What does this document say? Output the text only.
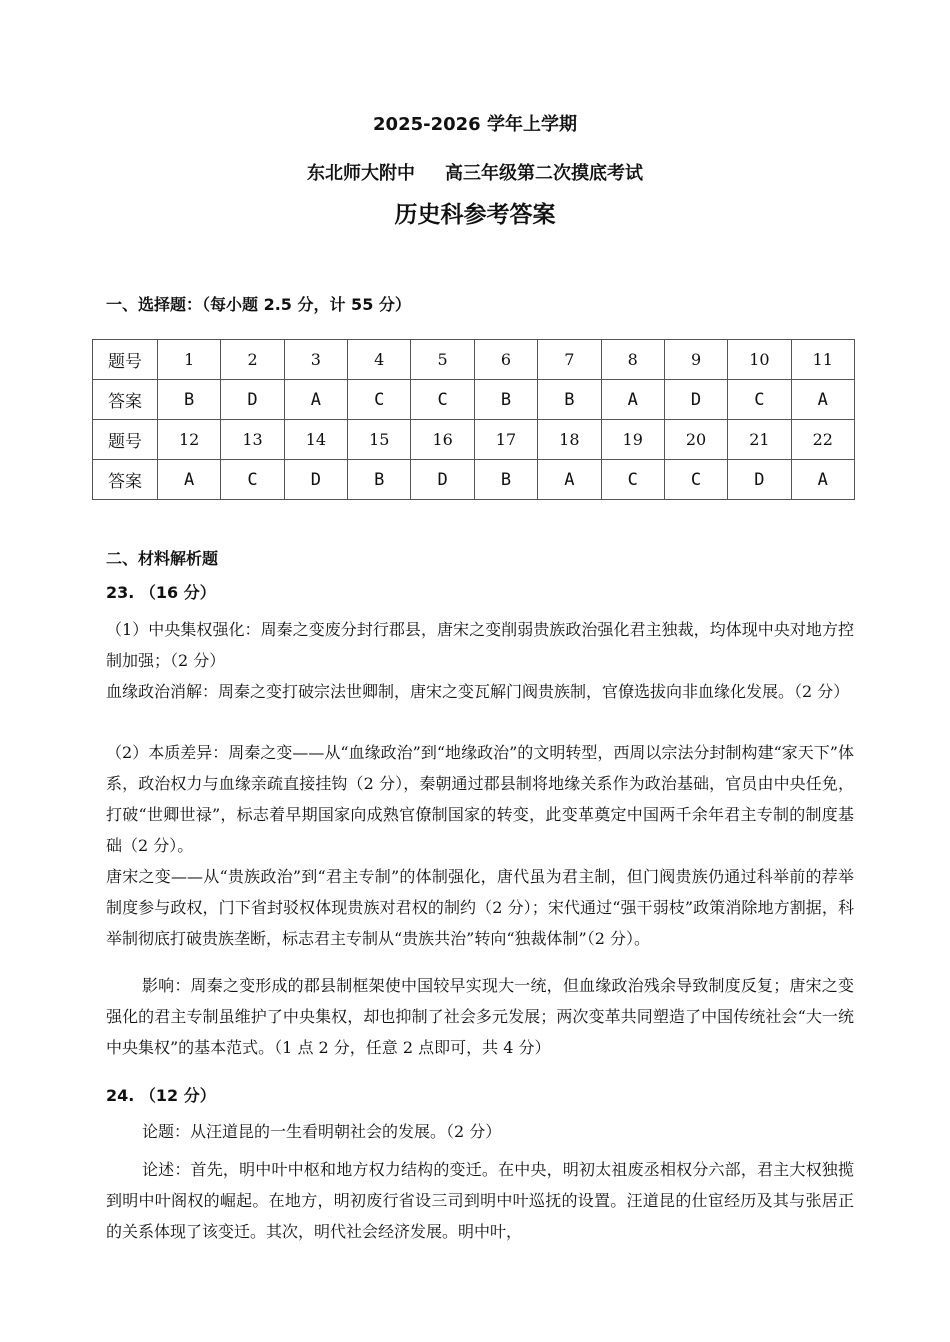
2025-2026 学年上学期
东北师大附中 高三年级第二次摸底考试
历史科参考答案
一、选择题：（每小题 2.5 分，计 55 分）
题号	1	2	3	4	5	6	7	8	9	10	11
答案	B	D	A	C	C	B	B	A	D	C	A
题号	12	13	14	15	16	17	18	19	20	21	22
答案	A	C	D	B	D	B	A	C	C	D	A
二、材料解析题
23. （16 分）
（1）中央集权强化：周秦之变废分封行郡县，唐宋之变削弱贵族政治强化君主独裁，均体现中央对地方控制加强；（2 分）
血缘政治消解：周秦之变打破宗法世卿制，唐宋之变瓦解门阀贵族制，官僚选拔向非血缘化发展。（2 分）
（2）本质差异：周秦之变——从“血缘政治”到“地缘政治”的文明转型，西周以宗法分封制构建“家天下”体系，政治权力与血缘亲疏直接挂钩（2 分），秦朝通过郡县制将地缘关系作为政治基础，官员由中央任免，打破“世卿世禄”，标志着早期国家向成熟官僚制国家的转变，此变革奠定中国两千余年君主专制的制度基础（2 分）。
唐宋之变——从“贵族政治”到“君主专制”的体制强化，唐代虽为君主制，但门阀贵族仍通过科举前的荐举制度参与政权，门下省封驳权体现贵族对君权的制约（2 分）；宋代通过“强干弱枝”政策消除地方割据，科举制彻底打破贵族垄断，标志君主专制从“贵族共治”转向“独裁体制”（2 分）。
影响：周秦之变形成的郡县制框架使中国较早实现大一统，但血缘政治残余导致制度反复；唐宋之变强化的君主专制虽维护了中央集权，却也抑制了社会多元发展；两次变革共同塑造了中国传统社会“大一统中央集权”的基本范式。（1 点 2 分，任意 2 点即可，共 4 分）
24. （12 分）
论题：从汪道昆的一生看明朝社会的发展。（2 分）
论述：首先，明中叶中枢和地方权力结构的变迁。在中央，明初太祖废丞相权分六部，君主大权独揽到明中叶阁权的崛起。在地方，明初废行省设三司到明中叶巡抚的设置。汪道昆的仕宦经历及其与张居正的关系体现了该变迁。其次，明代社会经济发展。明中叶，
